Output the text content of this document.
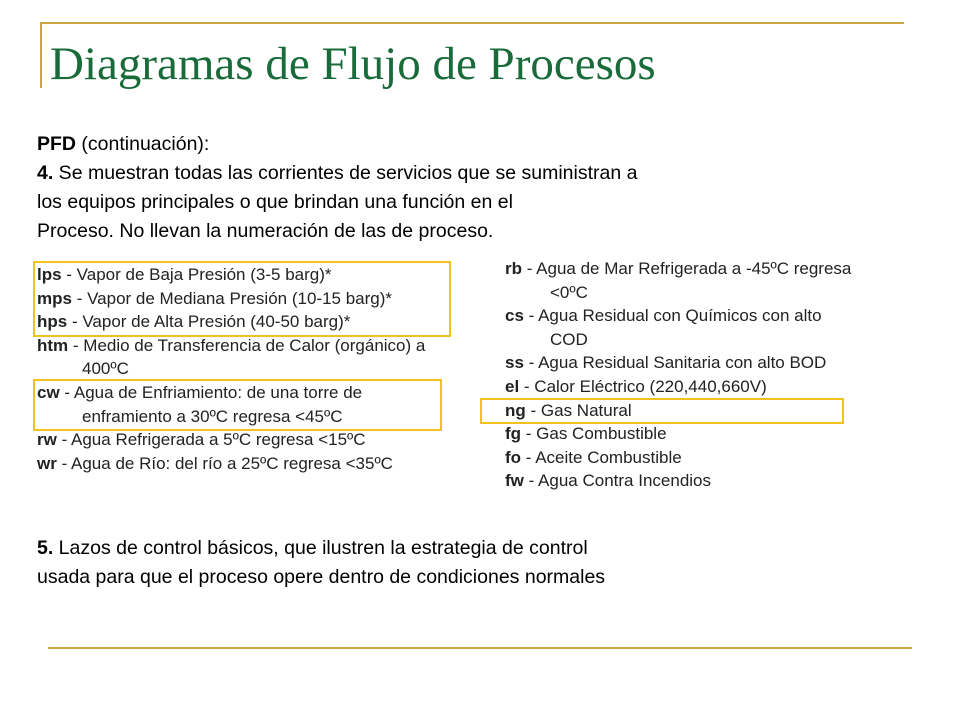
Diagramas de Flujo de Procesos

PFD (continuación):

4. Se muestran todas las corrientes de servicios que se suministran a

los equipos principales o que brindan una función en el

Proceso. No llevan la numeración de las de proceso.

lps - Vapor de Baja Presión (3-5 barg)*
mps - Vapor de Mediana Presión (10-15 barg)*
hps - Vapor de Alta Presión (40-50 barg)*
htm - Medio de Transferencia de Calor (orgánico) a
400ºC
cw - Agua de Enfriamiento: de una torre de
enframiento a 30ºC regresa <45ºC
rw - Agua Refrigerada a 5ºC regresa <15ºC
wr - Agua de Río: del río a 25ºC regresa <35ºC
rb - Agua de Mar Refrigerada a -45ºC regresa
<0ºC
cs - Agua Residual con Químicos con alto
COD
ss - Agua Residual Sanitaria con alto BOD
el - Calor Eléctrico (220,440,660V)
ng - Gas Natural
fg - Gas Combustible
fo - Aceite Combustible
fw - Agua Contra Incendios

5. Lazos de control básicos, que ilustren la estrategia de control

usada para que el proceso opere dentro de condiciones normales
